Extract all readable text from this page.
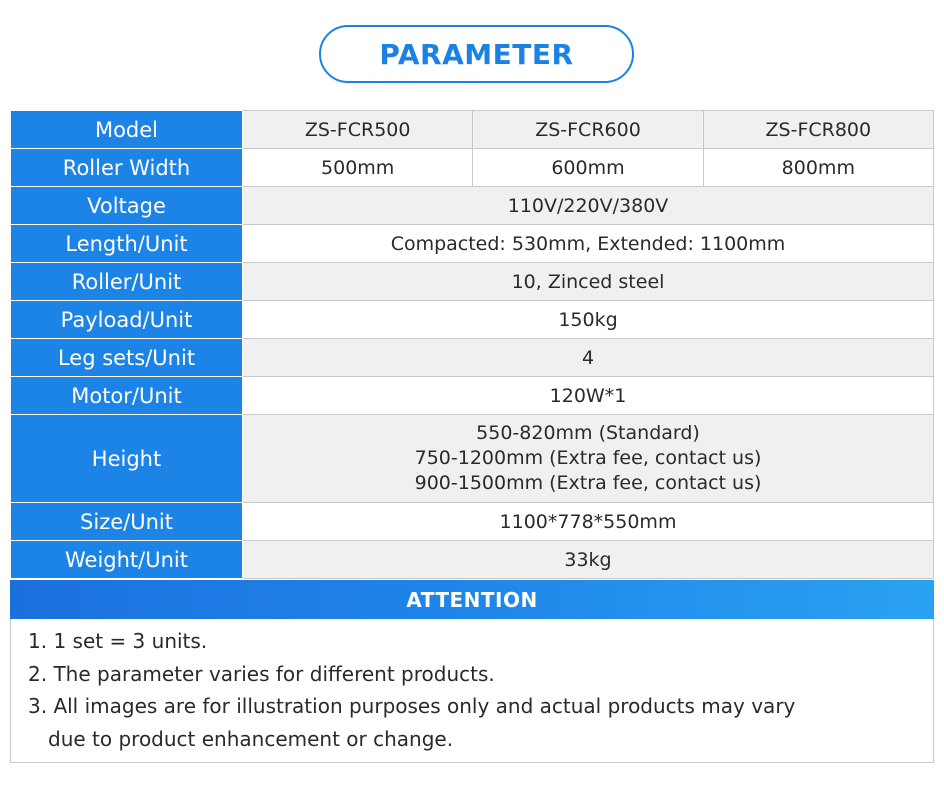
PARAMETER
Model	ZS-FCR500	ZS-FCR600	ZS-FCR800
Roller Width	500mm	600mm	800mm
Voltage	110V/220V/380V		
Length/Unit	Compacted: 530mm, Extended: 1100mm		
Roller/Unit	10, Zinced steel		
Payload/Unit	150kg		
Leg sets/Unit	4		
Motor/Unit	120W*1		
Height	550-820mm (Standard)
750-1200mm (Extra fee, contact us)
900-1500mm (Extra fee, contact us)		

Size/Unit	1100*778*550mm		
Weight/Unit	33kg		
ATTENTION
1. 1 set = 3 units.
2. The parameter varies for different products.
3. All images are for illustration purposes only and actual products may vary
due to product enhancement or change.
